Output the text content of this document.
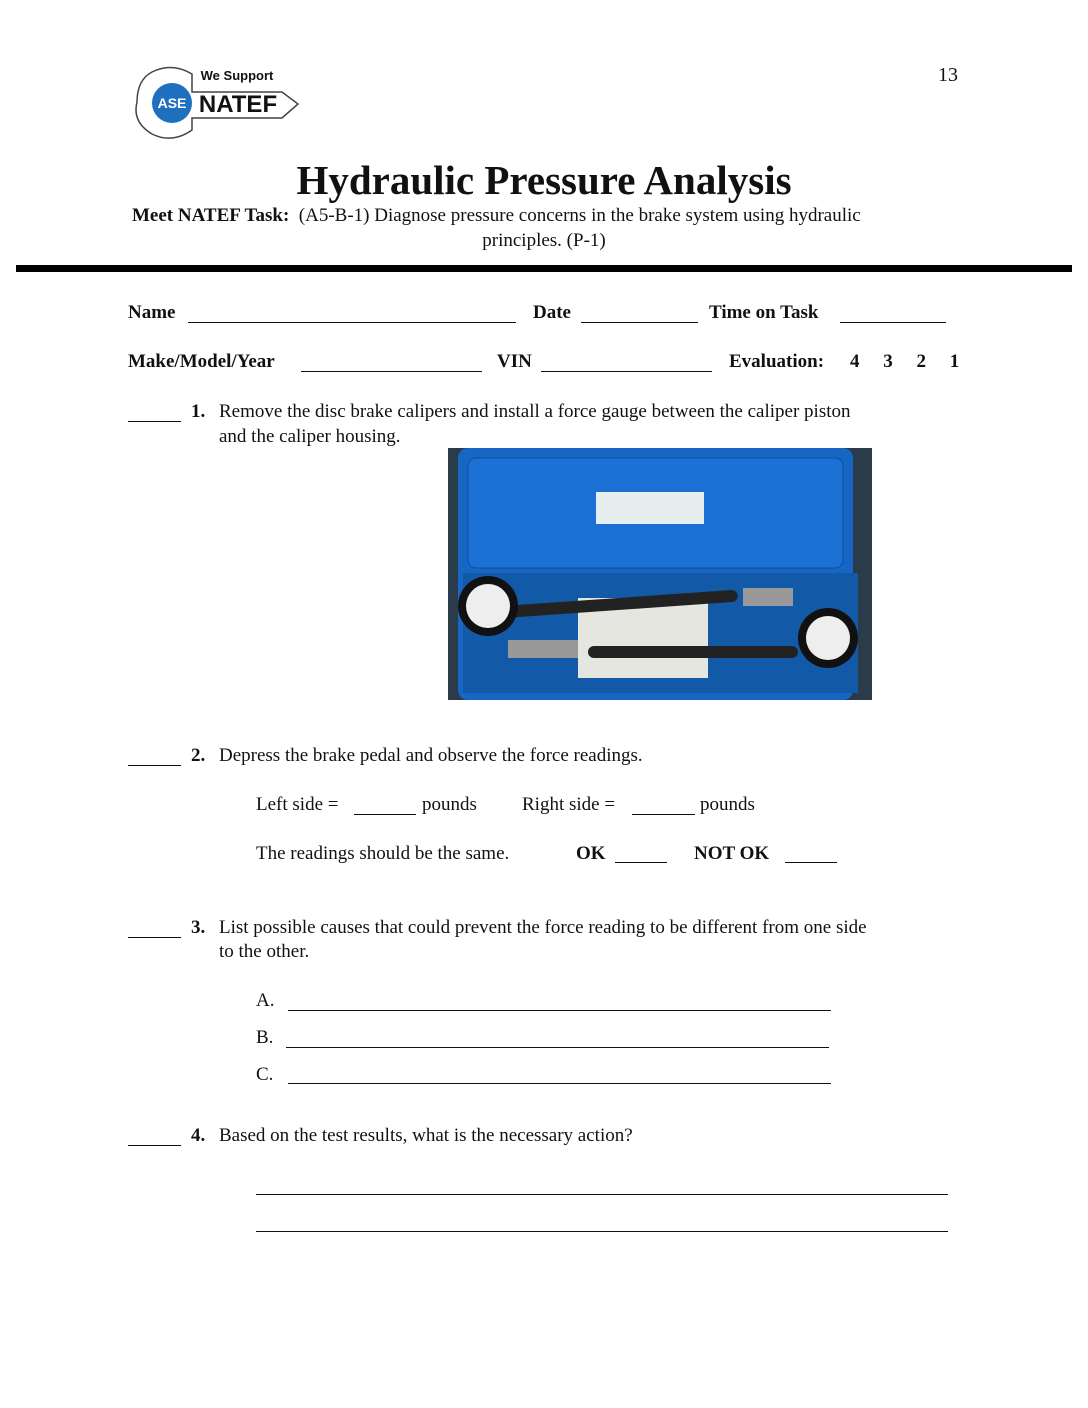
13
ASE
We Support
NATEF
Hydraulic Pressure Analysis
Meet NATEF Task: (A5-B-1) Diagnose pressure concerns in the brake system using hydraulic
principles. (P-1)
Name	Date	Time on Task
Make/Model/Year	VIN	Evaluation: 4 3 2 1
1. Remove the disc brake calipers and install a force gauge between the caliper piston
and the caliper housing.
2. Depress the brake pedal and observe the force readings.
Left side =	pounds Right side =	pounds
The readings should be the same.	OK	NOT OK
3. List possible causes that could prevent the force reading to be different from one side
to the other.
A.
B.
C.
4. Based on the test results, what is the necessary action?
